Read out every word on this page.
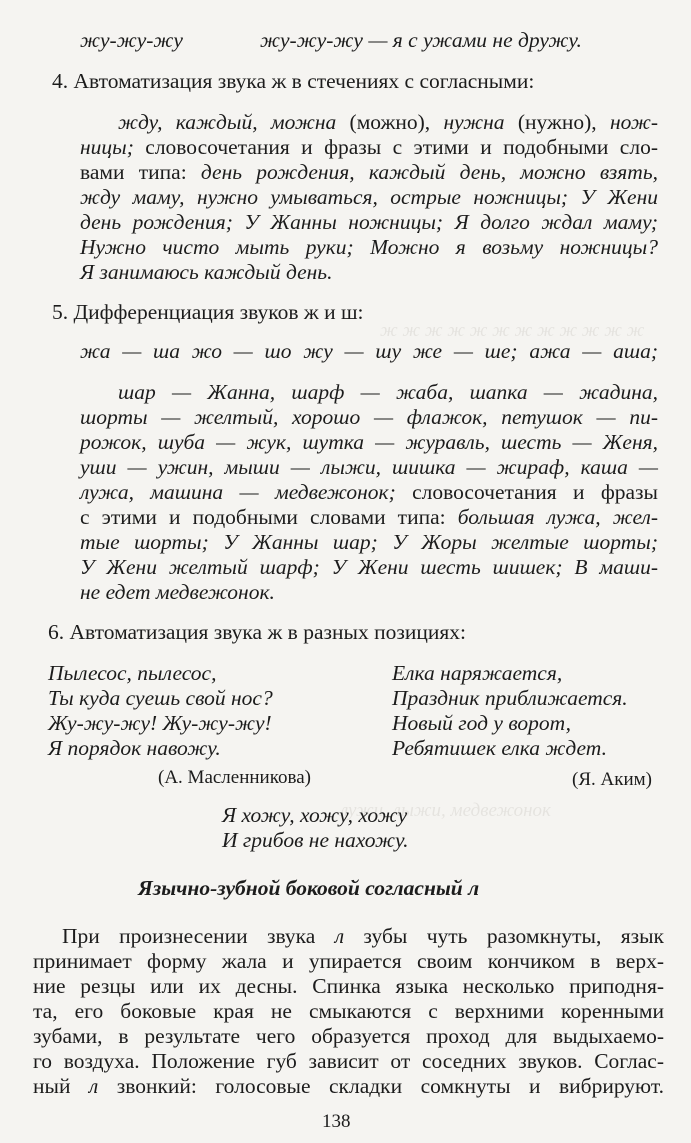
ж ж ж ж ж ж ж ж ж ж ж ж
лужи, лыжи, медвежонок
жу-жу-жу	жу-жу-жу — я с ужами не дружу.
4. Автоматизация звука ж в стечениях с согласными:
жду, каждый, можна (можно), нужна (нужно), нож-
ницы; словосочетания и фразы с этими и подобными сло-
вами типа: день рождения, каждый день, можно взять,
жду маму, нужно умываться, острые ножницы; У Жени
день рождения; У Жанны ножницы; Я долго ждал маму;
Нужно чисто мыть руки; Можно я возьму ножницы?
Я занимаюсь каждый день.
5. Дифференциация звуков ж и ш:
жа — ша жо — шо жу — шу же — ше; ажа — аша;
шар — Жанна, шарф — жаба, шапка — жадина,
шорты — желтый, хорошо — флажок, петушок — пи-
рожок, шуба — жук, шутка — журавль, шесть — Женя,
уши — ужин, мыши — лыжи, шишка — жираф, каша —
лужа, машина — медвежонок; словосочетания и фразы
с этими и подобными словами типа: большая лужа, жел-
тые шорты; У Жанны шар; У Жоры желтые шорты;
У Жени желтый шарф; У Жени шесть шишек; В маши-
не едет медвежонок.
6. Автоматизация звука ж в разных позициях:
Пылесос, пылесос,
Ты куда суешь свой нос?
Жу-жу-жу! Жу-жу-жу!
Я порядок навожу.
Елка наряжается,
Праздник приближается.
Новый год у ворот,
Ребятишек елка ждет.
(А. Масленникова)	(Я. Аким)
Я хожу, хожу, хожу
И грибов не нахожу.
Язычно-зубной боковой согласный л
При произнесении звука л зубы чуть разомкнуты, язык
принимает форму жала и упирается своим кончиком в верх-
ние резцы или их десны. Спинка языка несколько приподня-
та, его боковые края не смыкаются с верхними коренными
зубами, в результате чего образуется проход для выдыхаемо-
го воздуха. Положение губ зависит от соседних звуков. Соглас-
ный л звонкий: голосовые складки сомкнуты и вибрируют.
138
